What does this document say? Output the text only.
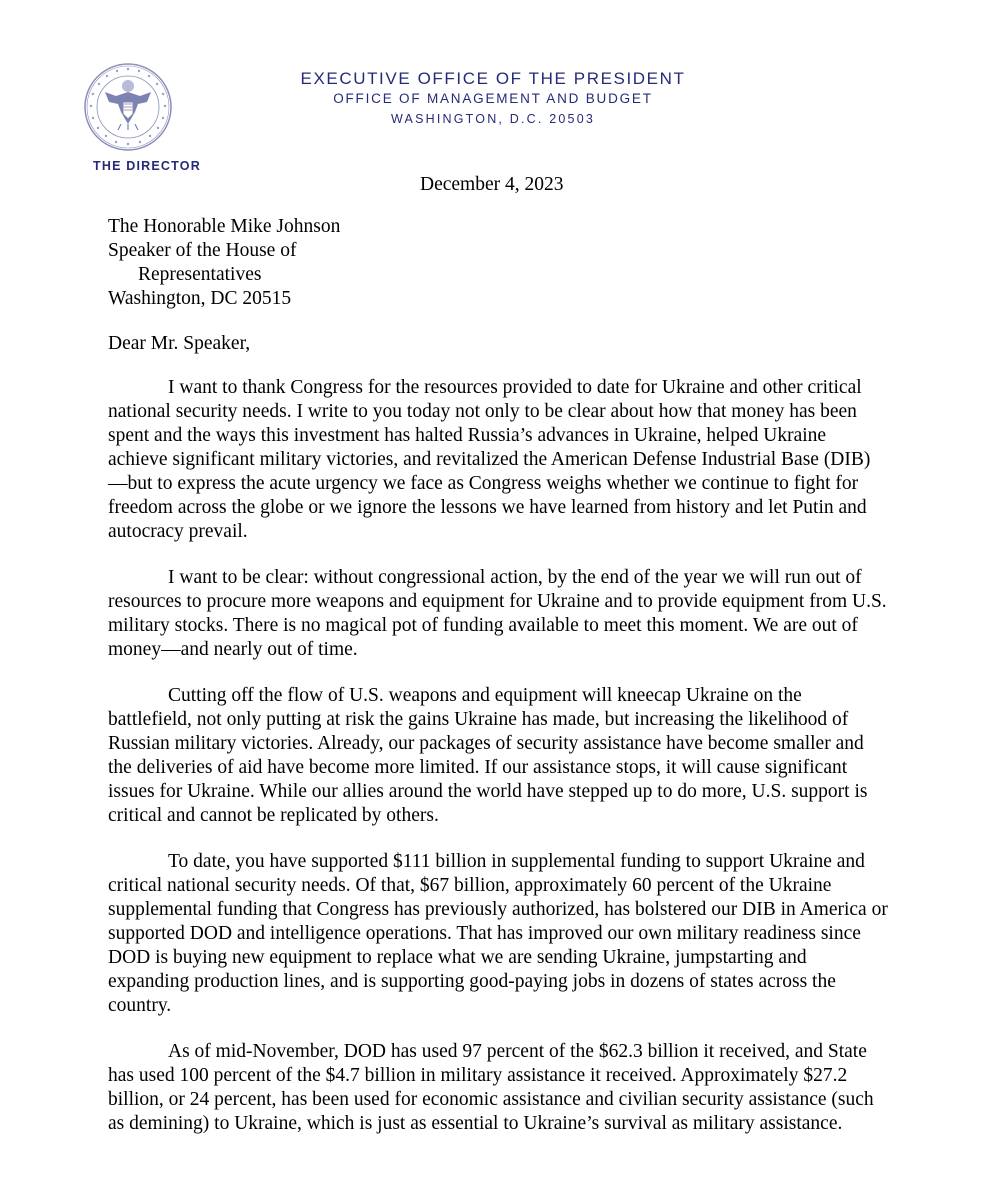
THE DIRECTOR
EXECUTIVE OFFICE OF THE PRESIDENT
OFFICE OF MANAGEMENT AND BUDGET
WASHINGTON, D.C. 20503
December 4, 2023
The Honorable Mike Johnson
Speaker of the House of
Representatives
Washington, DC 20515
Dear Mr. Speaker,

I want to thank Congress for the resources provided to date for Ukraine and other critical national security needs. I write to you today not only to be clear about how that money has been spent and the ways this investment has halted Russia’s advances in Ukraine, helped Ukraine achieve significant military victories, and revitalized the American Defense Industrial Base (DIB)—but to express the acute urgency we face as Congress weighs whether we continue to fight for freedom across the globe or we ignore the lessons we have learned from history and let Putin and autocracy prevail.

I want to be clear: without congressional action, by the end of the year we will run out of resources to procure more weapons and equipment for Ukraine and to provide equipment from U.S. military stocks. There is no magical pot of funding available to meet this moment. We are out of money—and nearly out of time.

Cutting off the flow of U.S. weapons and equipment will kneecap Ukraine on the battlefield, not only putting at risk the gains Ukraine has made, but increasing the likelihood of Russian military victories. Already, our packages of security assistance have become smaller and the deliveries of aid have become more limited. If our assistance stops, it will cause significant issues for Ukraine. While our allies around the world have stepped up to do more, U.S. support is critical and cannot be replicated by others.

To date, you have supported $111 billion in supplemental funding to support Ukraine and critical national security needs. Of that, $67 billion, approximately 60 percent of the Ukraine supplemental funding that Congress has previously authorized, has bolstered our DIB in America or supported DOD and intelligence operations. That has improved our own military readiness since DOD is buying new equipment to replace what we are sending Ukraine, jumpstarting and expanding production lines, and is supporting good-paying jobs in dozens of states across the country.

As of mid-November, DOD has used 97 percent of the $62.3 billion it received, and State has used 100 percent of the $4.7 billion in military assistance it received. Approximately $27.2 billion, or 24 percent, has been used for economic assistance and civilian security assistance (such as demining) to Ukraine, which is just as essential to Ukraine’s survival as military assistance.
